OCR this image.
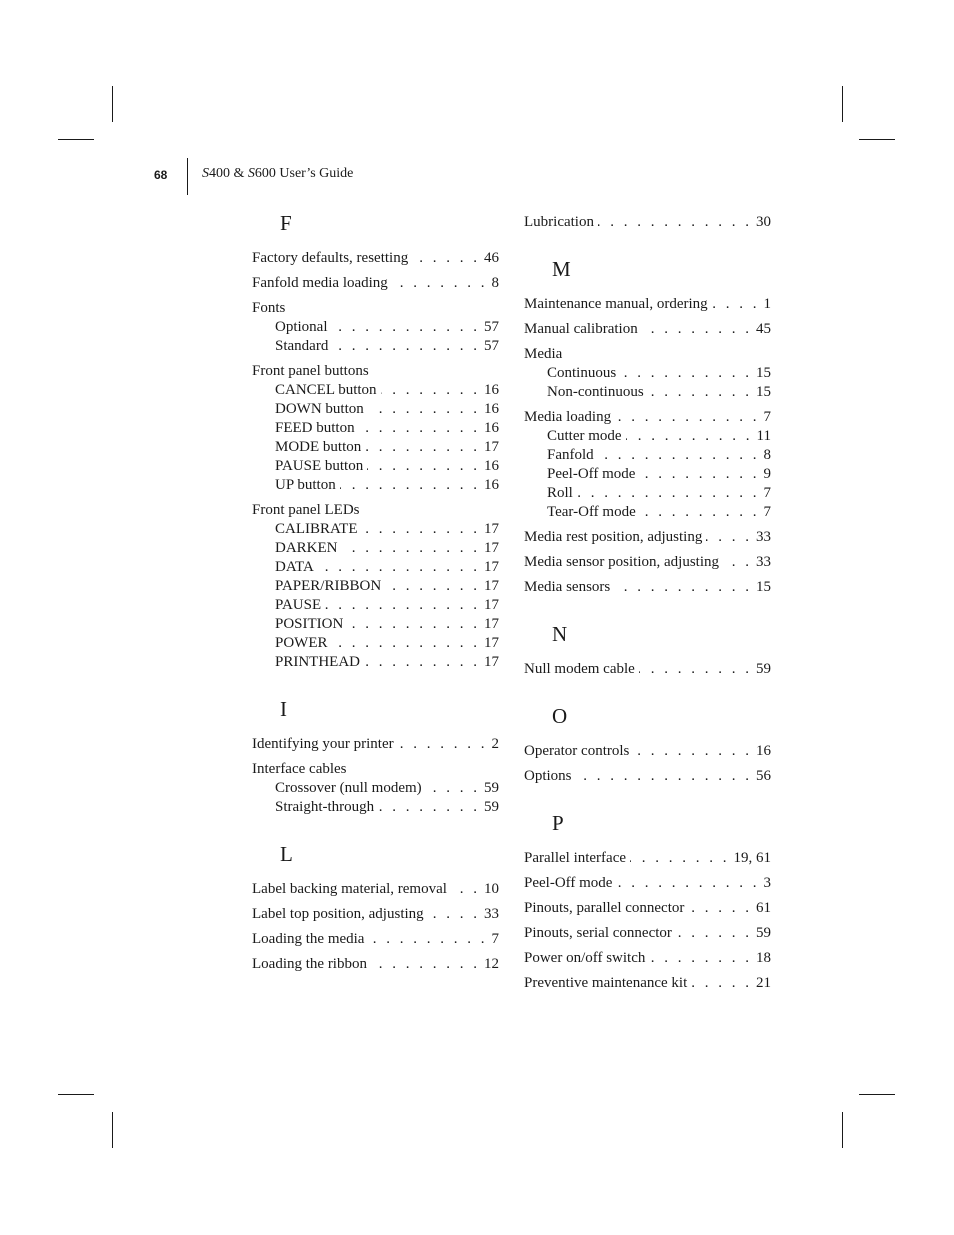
68 S400 & S600 User’s Guide
F
Factory defaults, resetting . . .	46
Fanfold media loading . . .	8
Fonts
Optional . . .	57
Standard . . .	57
Front panel buttons
CANCEL button . . .	16
DOWN button . . .	16
FEED button . . .	16
MODE button . . .	17
PAUSE button . . .	16
UP button . . .	16
Front panel LEDs
CALIBRATE . . .	17
DARKEN . . .	17
DATA . . .	17
PAPER/RIBBON . . .	17
PAUSE . . .	17
POSITION . . .	17
POWER . . .	17
PRINTHEAD . . .	17
I
Identifying your printer . . .	2
Interface cables
Crossover (null modem) . . .	59
Straight-through . . .	59
L
Label backing material, removal . . . 10
Label top position, adjusting . . .	33
Loading the media . . .	7
Loading the ribbon . . .	12
Lubrication . . .	30
M
Maintenance manual, ordering . . .	1
Manual calibration . . .	45
Media
Continuous . . .	15
Non-continuous . . .	15
Media loading . . .	7
Cutter mode . . .	11
Fanfold . . .	8
Peel-Off mode . . .	9
Roll . . .	7
Tear-Off mode . . .	7
Media rest position, adjusting . . .	33
Media sensor position, adjusting . . . 33
Media sensors . . .	15
N
Null modem cable . . .	59
O
Operator controls . . .	16
Options . . .	56
P
Parallel interface . . .	19, 61
Peel-Off mode . . .	3
Pinouts, parallel connector . . .	61
Pinouts, serial connector . . .	59
Power on/off switch . . .	18
Preventive maintenance kit . . .	21
